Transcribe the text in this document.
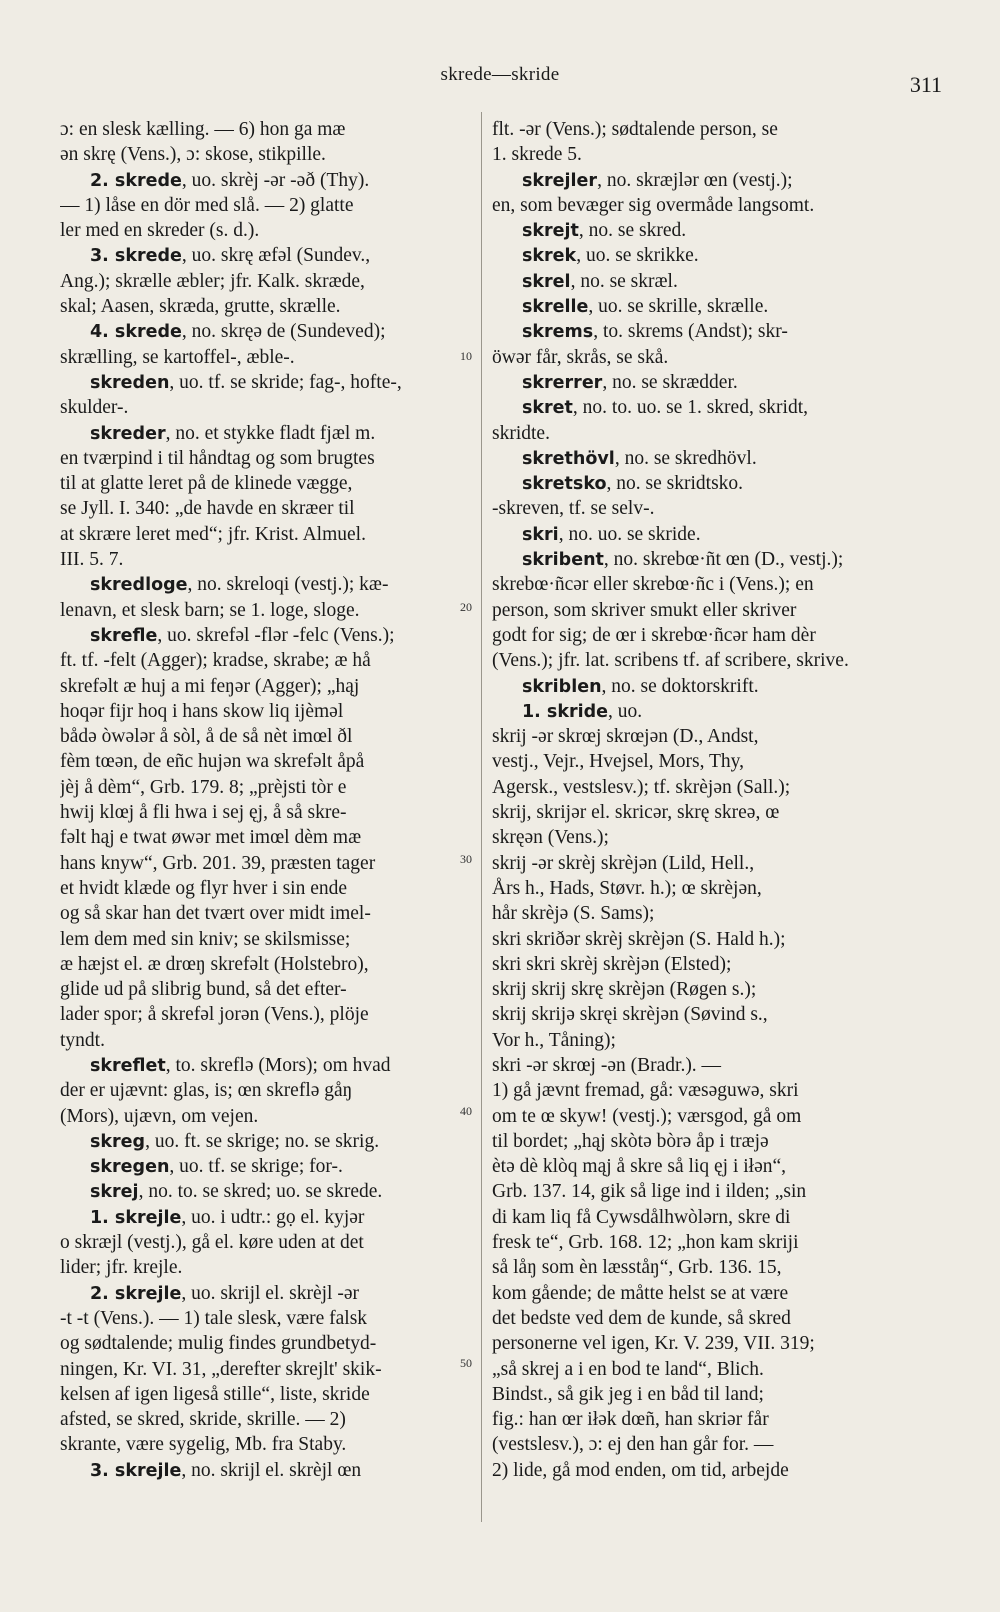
skrede—skride	311
10
20
30
40
50
ɔ: en slesk kælling. — 6) hon ga mæ
ən skrę (Vens.), ɔ: skose, stikpille.
2. skrede, uo. skrèj -ər -əð (Thy).
— 1) låse en dör med slå. — 2) glatte
ler med en skreder (s. d.).
3. skrede, uo. skrę æfəl (Sundev.,
Ang.); skrælle æbler; jfr. Kalk. skræde,
skal; Aasen, skræda, grutte, skrælle.
4. skrede, no. skręə de (Sundeved);
skrælling, se kartoffel-, æble-.
skreden, uo. tf. se skride; fag-, hofte-,
skulder-.
skreder, no. et stykke fladt fjæl m.
en tværpind i til håndtag og som brugtes
til at glatte leret på de klinede vægge,
se Jyll. I. 340: „de havde en skræer til
at skrære leret med“; jfr. Krist. Almuel.
III. 5. 7.
skredloge, no. skreloqi (vestj.); kæ-
lenavn, et slesk barn; se 1. loge, sloge.
skrefle, uo. skrefəl -flər -felc (Vens.);
ft. tf. -felt (Agger); kradse, skrabe; æ hå
skrefəlt æ huj a mi feŋər (Agger); „hąj
hoqər fijr hoq i hans skow liq ijèməl
bådə òwələr å sòl, å de så nèt imœl ðl
fèm tœən, de eñc hujən wa skrefəlt åpå
jèj å dèm“, Grb. 179. 8; „prèjsti tòr e
hwij klœj å fli hwa i sej ęj, å så skre-
fəlt hąj e twat øwər met imœl dèm mæ
hans knyw“, Grb. 201. 39, præsten tager
et hvidt klæde og flyr hver i sin ende
og så skar han det tvært over midt imel-
lem dem med sin kniv; se skilsmisse;
æ hæjst el. æ drœŋ skrefəlt (Holstebro),
glide ud på slibrig bund, så det efter-
lader spor; å skrefəl jorən (Vens.), plöje
tyndt.
skreflet, to. skreflə (Mors); om hvad
der er ujævnt: glas, is; œn skreflə gåŋ
(Mors), ujævn, om vejen.
skreg, uo. ft. se skrige; no. se skrig.
skregen, uo. tf. se skrige; for-.
skrej, no. to. se skred; uo. se skrede.
1. skrejle, uo. i udtr.: gọ el. kyjər
o skræjl (vestj.), gå el. køre uden at det
lider; jfr. krejle.
2. skrejle, uo. skrijl el. skrèjl -ər
-t -t (Vens.). — 1) tale slesk, være falsk
og sødtalende; mulig findes grundbetyd-
ningen, Kr. VI. 31, „derefter skrejlt' skik-
kelsen af igen ligeså stille“, liste, skride
afsted, se skred, skride, skrille. — 2)
skrante, være sygelig, Mb. fra Staby.
3. skrejle, no. skrijl el. skrèjl œn
flt. -ər (Vens.); sødtalende person, se
1. skrede 5.
skrejler, no. skræjlər œn (vestj.);
en, som bevæger sig overmåde langsomt.
skrejt, no. se skred.
skrek, uo. se skrikke.
skrel, no. se skræl.
skrelle, uo. se skrille, skrælle.
skrems, to. skrems (Andst); skr-
öwər får, skrås, se skå.
skrerrer, no. se skrædder.
skret, no. to. uo. se 1. skred, skridt,
skridte.
skrethövl, no. se skredhövl.
skretsko, no. se skridtsko.
-skreven, tf. se selv-.
skri, no. uo. se skride.
skribent, no. skrebœ·ñt œn (D., vestj.);
skrebœ·ñcər eller skrebœ·ñc i (Vens.); en
person, som skriver smukt eller skriver
godt for sig; de œr i skrebœ·ñcər ham dèr
(Vens.); jfr. lat. scribens tf. af scribere, skrive.
skriblen, no. se doktorskrift.
1. skride, uo.
skrij -ər skrœj skrœjən (D., Andst,
vestj., Vejr., Hvejsel, Mors, Thy,
Agersk., vestslesv.); tf. skrèjən (Sall.);
skrij, skrijər el. skricər, skrę skreə, œ
skręən (Vens.);
skrij -ər skrèj skrèjən (Lild, Hell.,
Års h., Hads, Støvr. h.); œ skrèjən,
hår skrèjə (S. Sams);
skri skriðər skrèj skrèjən (S. Hald h.);
skri skri skrèj skrèjən (Elsted);
skrij skrij skrę skrèjən (Røgen s.);
skrij skrijə skręi skrèjən (Søvind s.,
Vor h., Tåning);
skri -ər skrœj -ən (Bradr.). —
1) gå jævnt fremad, gå: væsəguwə, skri
om te œ skyw! (vestj.); værsgod, gå om
til bordet; „hąj skòtə bòrə åp i træjə
ètə dè klòq mąj å skre så liq ęj i iłən“,
Grb. 137. 14, gik så lige ind i ilden; „sin
di kam liq få Cywsdålhwòlərn, skre di
fresk te“, Grb. 168. 12; „hon kam skriji
så låŋ som èn læsståŋ“, Grb. 136. 15,
kom gående; de måtte helst se at være
det bedste ved dem de kunde, så skred
personerne vel igen, Kr. V. 239, VII. 319;
„så skrej a i en bod te land“, Blich.
Bindst., så gik jeg i en båd til land;
fig.: han œr iłək dœñ, han skriər får
(vestslesv.), ɔ: ej den han går for. —
2) lide, gå mod enden, om tid, arbejde
